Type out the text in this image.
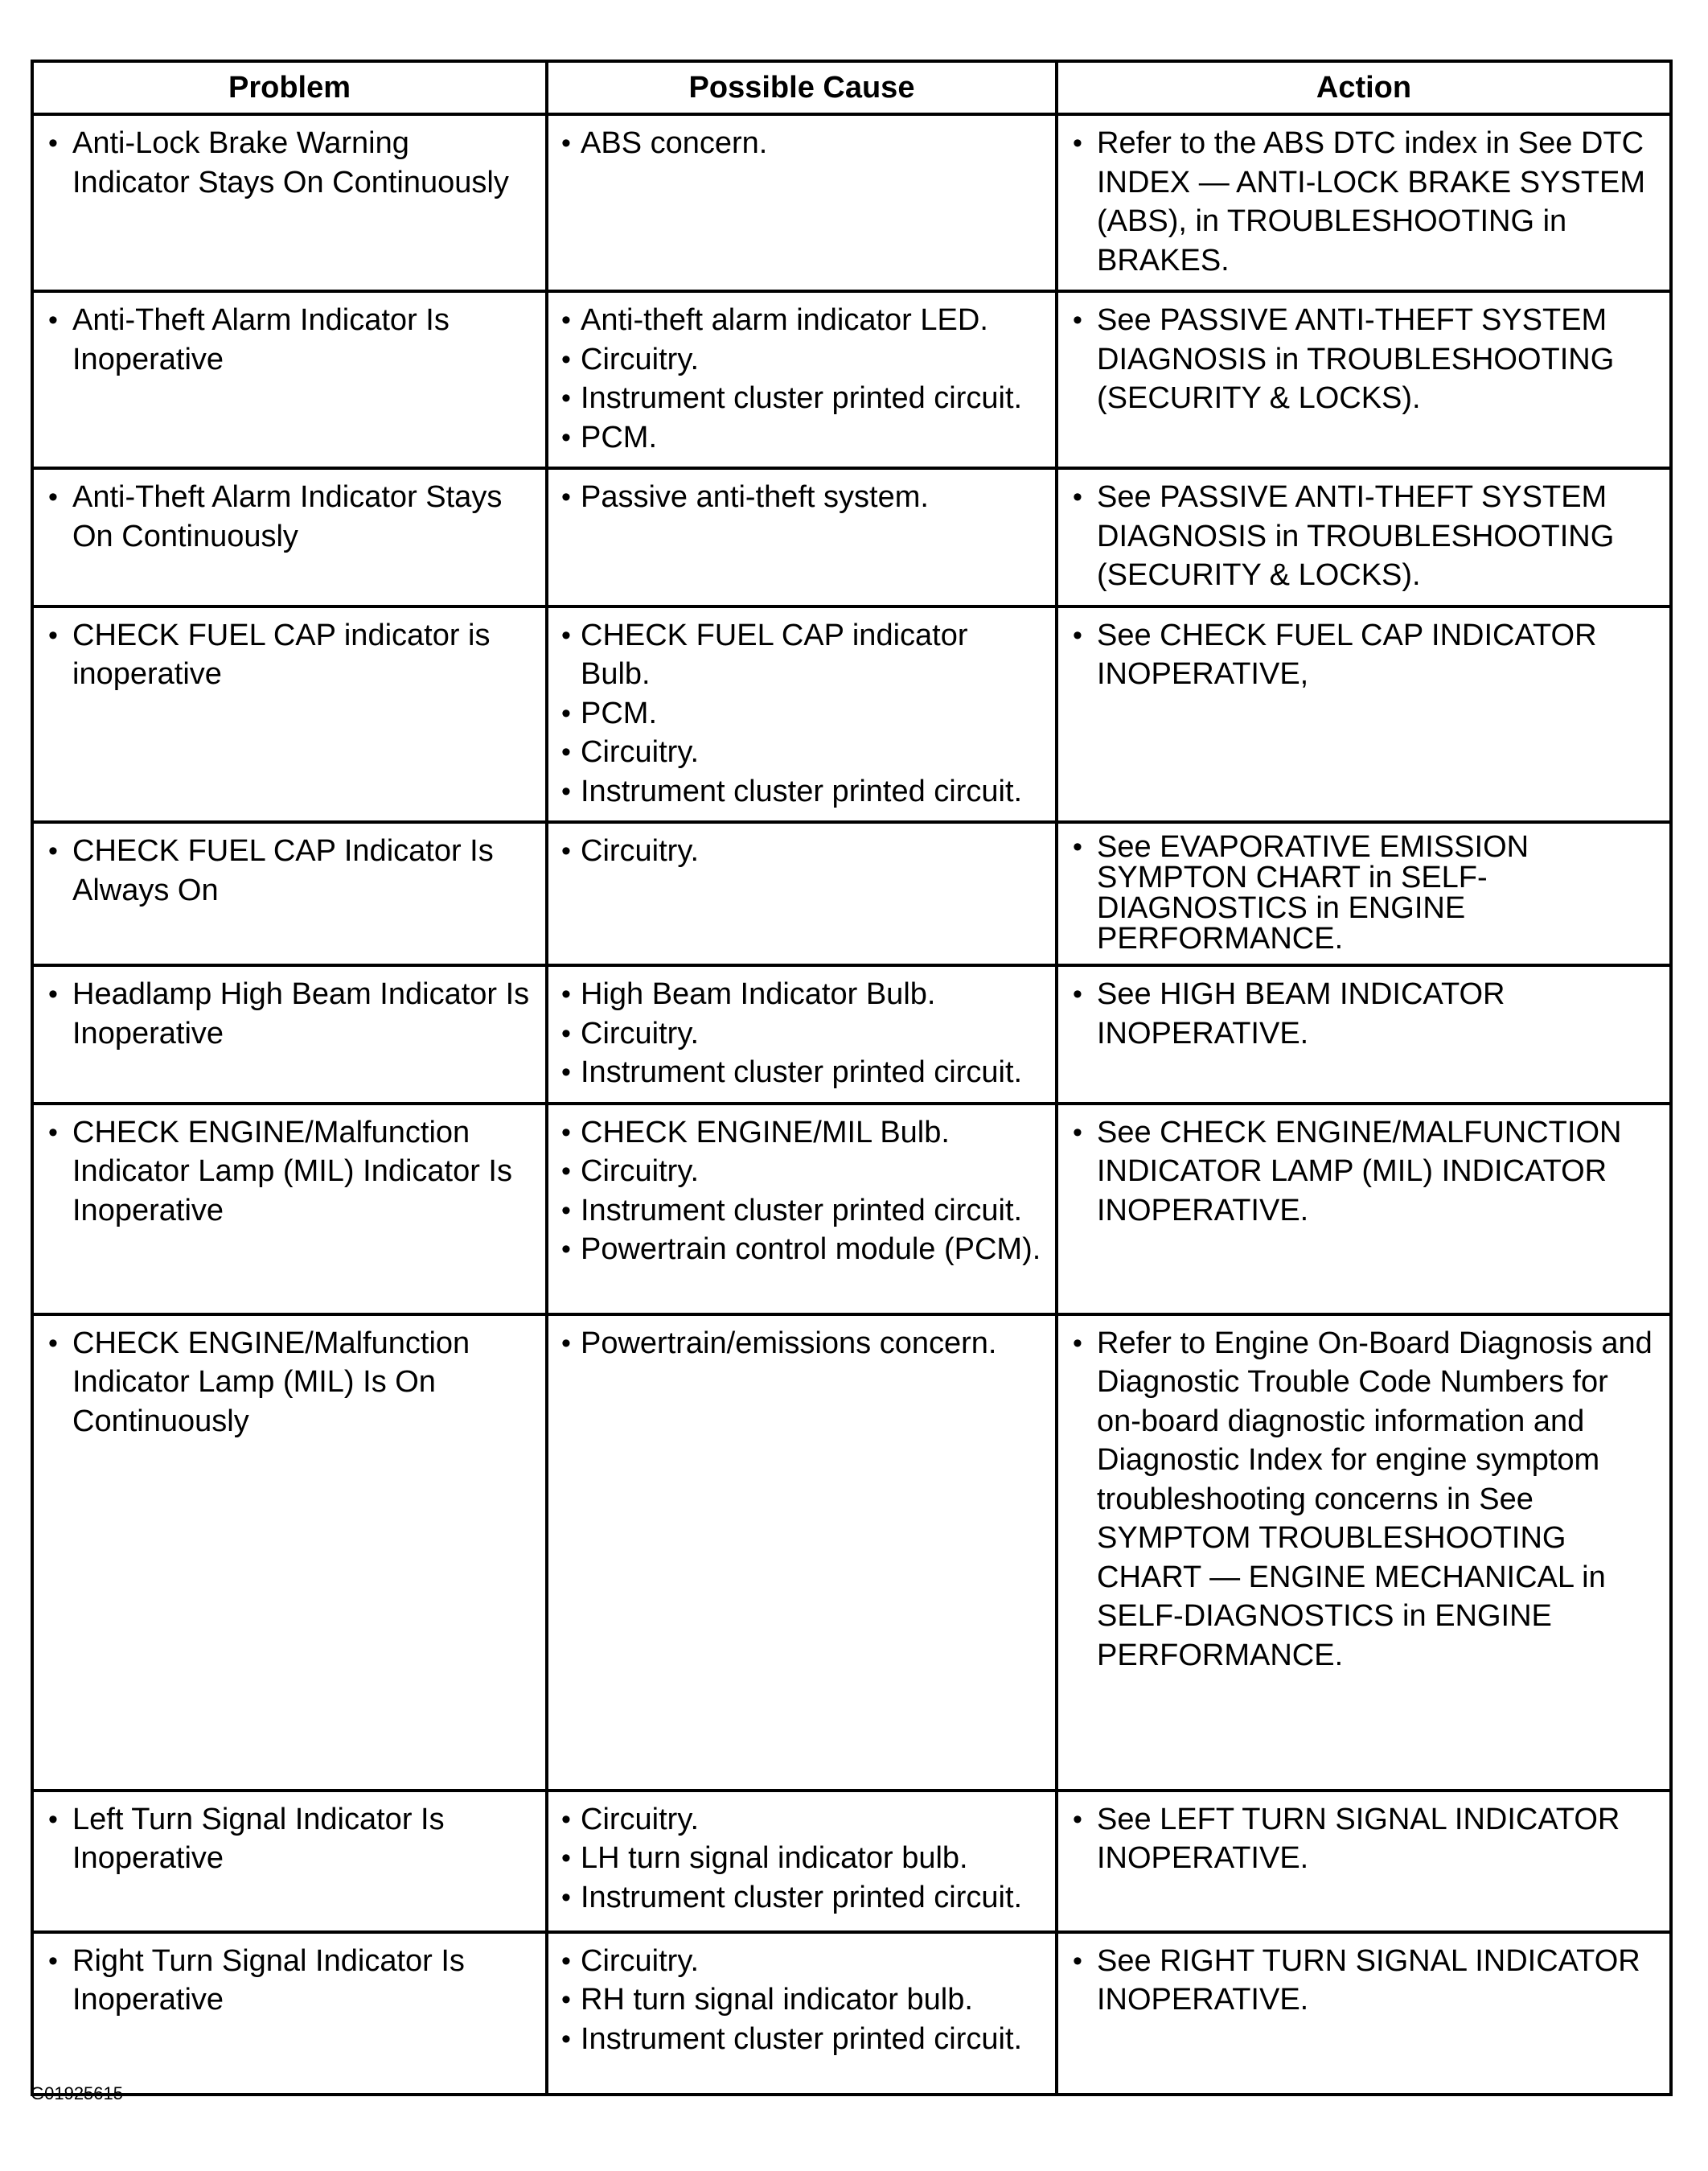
Problem	Possible Cause	Action

• Anti-Lock Brake Warning Indicator Stays On Continuously	• ABS concern.	• Refer to the ABS DTC index in See DTC INDEX — ANTI-LOCK BRAKE SYSTEM (ABS), in TROUBLESHOOTING in BRAKES.

• Anti-Theft Alarm Indicator Is Inoperative	• Anti-theft alarm indicator LED.
• Circuitry.
• Instrument cluster printed circuit.
• PCM.	• See PASSIVE ANTI-THEFT SYSTEM DIAGNOSIS in TROUBLESHOOTING (SECURITY & LOCKS).

• Anti-Theft Alarm Indicator Stays On Continuously	• Passive anti-theft system.	• See PASSIVE ANTI-THEFT SYSTEM DIAGNOSIS in TROUBLESHOOTING (SECURITY & LOCKS).

• CHECK FUEL CAP indicator is inoperative	• CHECK FUEL CAP indicator Bulb.
• PCM.
• Circuitry.
• Instrument cluster printed circuit.	• See CHECK FUEL CAP INDICATOR INOPERATIVE,

• CHECK FUEL CAP Indicator Is Always On	• Circuitry.	• See EVAPORATIVE EMISSION SYMPTON CHART in SELF-DIAGNOSTICS in ENGINE PERFORMANCE.

• Headlamp High Beam Indicator Is Inoperative	• High Beam Indicator Bulb.
• Circuitry.
• Instrument cluster printed circuit.	• See HIGH BEAM INDICATOR INOPERATIVE.

• CHECK ENGINE/Malfunction Indicator Lamp (MIL) Indicator Is Inoperative	• CHECK ENGINE/MIL Bulb.
• Circuitry.
• Instrument cluster printed circuit.
• Powertrain control module (PCM).	• See CHECK ENGINE/MALFUNCTION INDICATOR LAMP (MIL) INDICATOR INOPERATIVE.

• CHECK ENGINE/Malfunction Indicator Lamp (MIL) Is On Continuously	• Powertrain/emissions concern.	• Refer to Engine On-Board Diagnosis and Diagnostic Trouble Code Numbers for on-board diagnostic information and Diagnostic Index for engine symptom troubleshooting concerns in See SYMPTOM TROUBLESHOOTING CHART — ENGINE MECHANICAL in SELF-DIAGNOSTICS in ENGINE PERFORMANCE.

• Left Turn Signal Indicator Is Inoperative	• Circuitry.
• LH turn signal indicator bulb.
• Instrument cluster printed circuit.	• See LEFT TURN SIGNAL INDICATOR INOPERATIVE.

• Right Turn Signal Indicator Is Inoperative	• Circuitry.
• RH turn signal indicator bulb.
• Instrument cluster printed circuit.	• See RIGHT TURN SIGNAL INDICATOR INOPERATIVE.
G01925615
